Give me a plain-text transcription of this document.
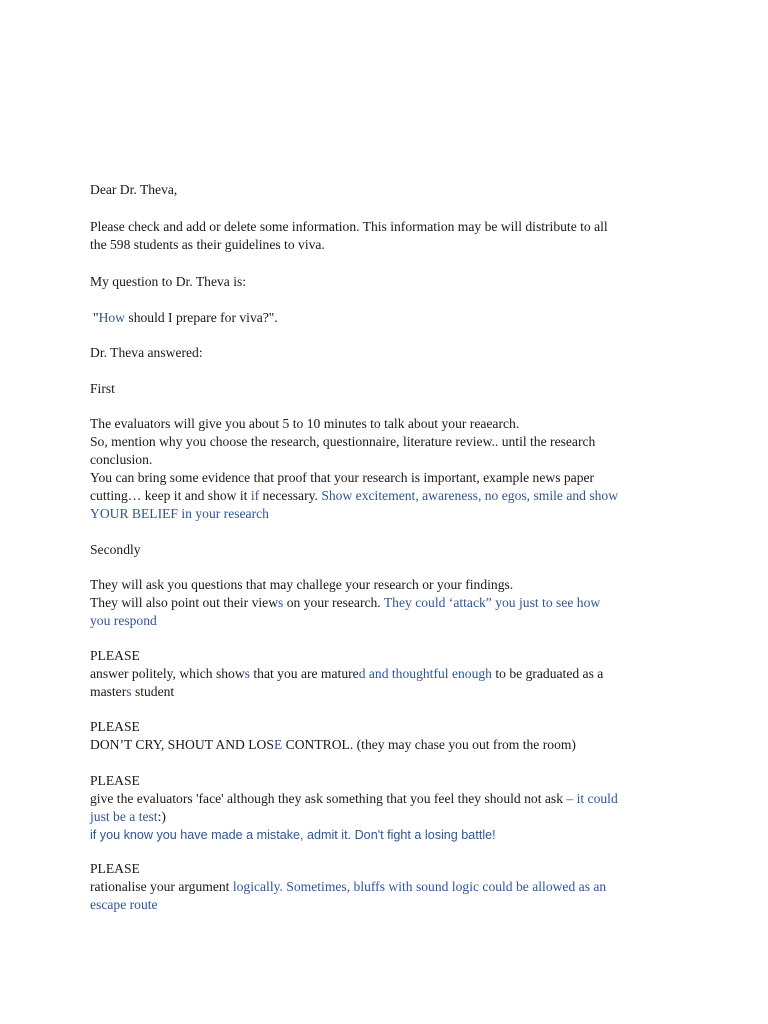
Dear Dr. Theva,
Please check and add or delete some information. This information may be will distribute to all
the 598 students as their guidelines to viva.
My question to Dr. Theva is:
"How should I prepare for viva?".
Dr. Theva answered:
First
The evaluators will give you about 5 to 10 minutes to talk about your reaearch.
So, mention why you choose the research, questionnaire, literature review.. until the research
conclusion.
You can bring some evidence that proof that your research is important, example news paper
cutting… keep it and show it if necessary. Show excitement, awareness, no egos, smile and show
YOUR BELIEF in your research
Secondly
They will ask you questions that may challege your research or your findings.
They will also point out their views on your research. They could ‘attack” you just to see how
you respond
PLEASE
answer politely, which shows that you are matured and thoughtful enough to be graduated as a
masters student
PLEASE
DON’T CRY, SHOUT AND LOSE CONTROL. (they may chase you out from the room)
PLEASE
give the evaluators 'face' although they ask something that you feel they should not ask – it could
just be a test:)
if you know you have made a mistake, admit it. Don't fight a losing battle!
PLEASE
rationalise your argument logically. Sometimes, bluffs with sound logic could be allowed as an
escape route
